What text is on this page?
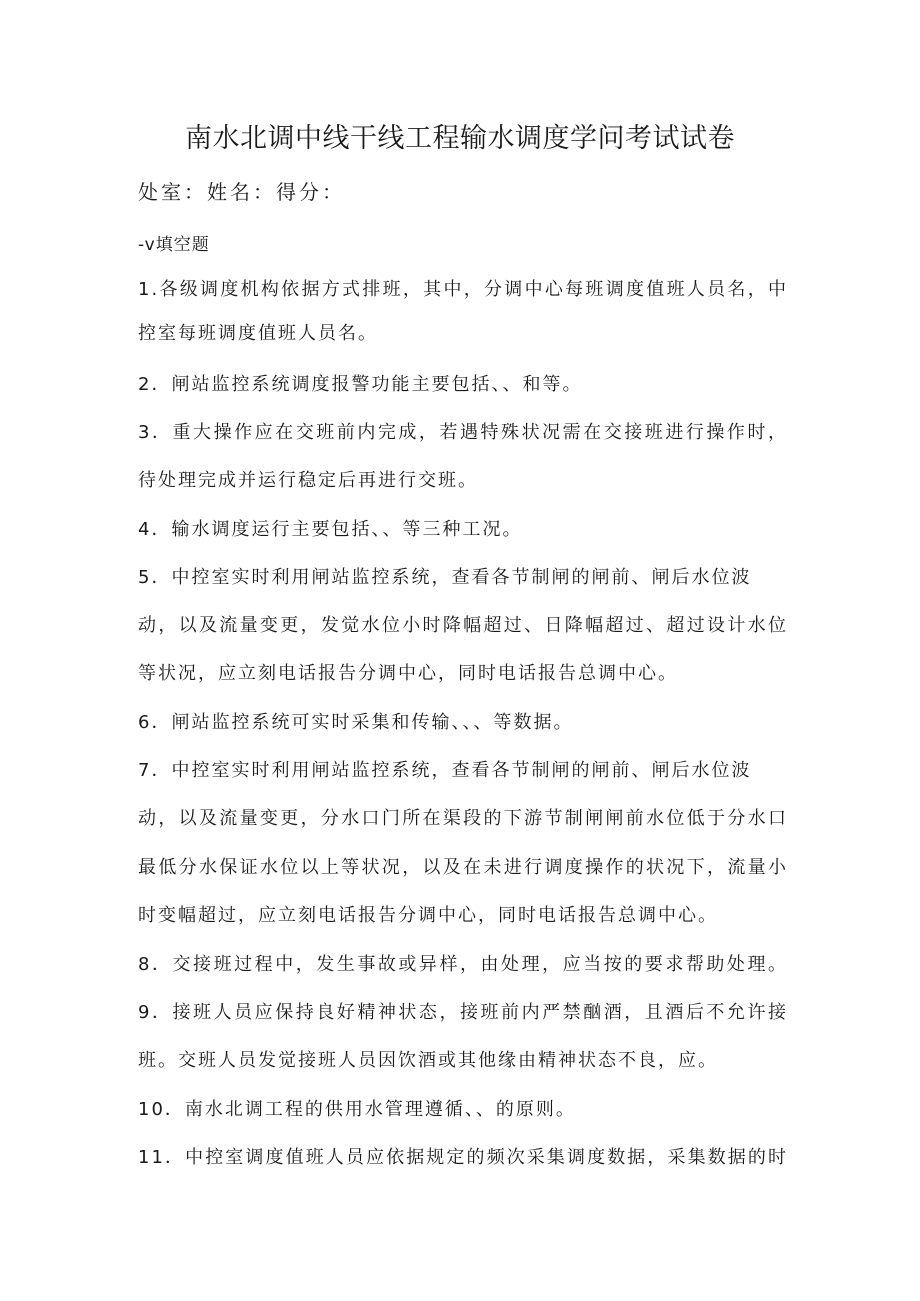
南水北调中线干线工程输水调度学问考试试卷

处室：姓名：得分：

-v填空题

1.各级调度机构依据方式排班，其中，分调中心每班调度值班人员名，中

控室每班调度值班人员名。

2．闸站监控系统调度报警功能主要包括、、和等。

3．重大操作应在交班前内完成，若遇特殊状况需在交接班进行操作时，

待处理完成并运行稳定后再进行交班。

4．输水调度运行主要包括、、等三种工况。

5．中控室实时利用闸站监控系统，查看各节制闸的闸前、闸后水位波

动，以及流量变更，发觉水位小时降幅超过、日降幅超过、超过设计水位

等状况，应立刻电话报告分调中心，同时电话报告总调中心。

6．闸站监控系统可实时采集和传输、、、等数据。

7．中控室实时利用闸站监控系统，查看各节制闸的闸前、闸后水位波

动，以及流量变更，分水口门所在渠段的下游节制闸闸前水位低于分水口

最低分水保证水位以上等状况，以及在未进行调度操作的状况下，流量小

时变幅超过，应立刻电话报告分调中心，同时电话报告总调中心。

8．交接班过程中，发生事故或异样，由处理，应当按的要求帮助处理。

9．接班人员应保持良好精神状态，接班前内严禁酗酒，且酒后不允许接

班。交班人员发觉接班人员因饮酒或其他缘由精神状态不良，应。

10．南水北调工程的供用水管理遵循、、的原则。

11．中控室调度值班人员应依据规定的频次采集调度数据，采集数据的时
